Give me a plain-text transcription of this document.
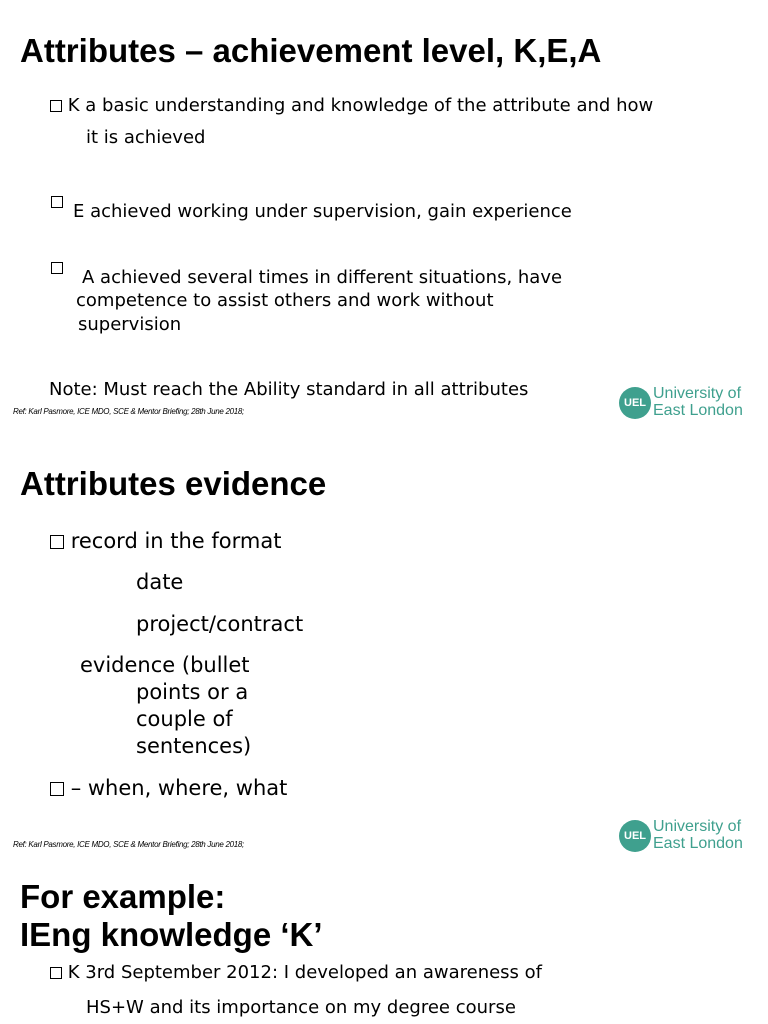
Attributes – achievement level, K,E,A
K a basic understanding and knowledge of the attribute and how
it is achieved
E achieved working under supervision, gain experience
A achieved several times in different situations, have
competence to assist others and work without
supervision
Note: Must reach the Ability standard in all attributes
Ref: Karl Pasmore, ICE MDO, SCE & Mentor Briefing; 28th June 2018;
UEL
University of
East London
Attributes evidence
record in the format
date
project/contract
evidence (bullet
points or a
couple of
sentences)
– when, where, what
Ref: Karl Pasmore, ICE MDO, SCE & Mentor Briefing; 28th June 2018;
UEL
University of
East London
For example:
IEng knowledge ‘K’
K 3rd September 2012: I developed an awareness of
HS+W and its importance on my degree course
